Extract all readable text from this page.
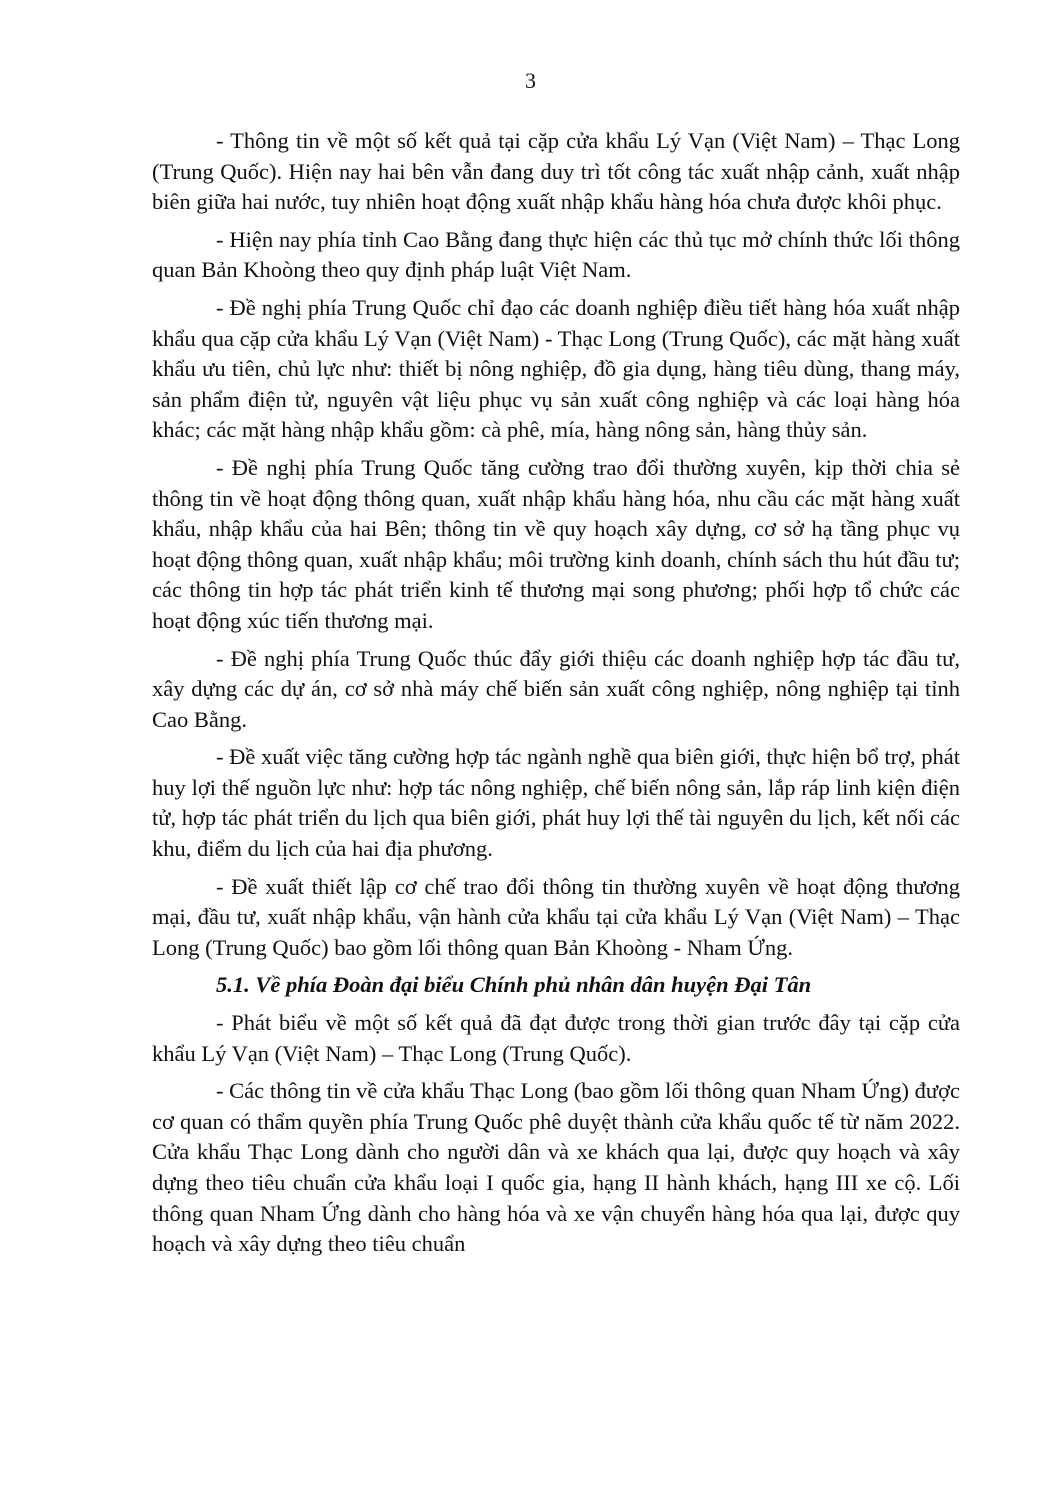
3

- Thông tin về một số kết quả tại cặp cửa khẩu Lý Vạn (Việt Nam) – Thạc Long (Trung Quốc). Hiện nay hai bên vẫn đang duy trì tốt công tác xuất nhập cảnh, xuất nhập biên giữa hai nước, tuy nhiên hoạt động xuất nhập khẩu hàng hóa chưa được khôi phục.

- Hiện nay phía tỉnh Cao Bằng đang thực hiện các thủ tục mở chính thức lối thông quan Bản Khoòng theo quy định pháp luật Việt Nam.

- Đề nghị phía Trung Quốc chỉ đạo các doanh nghiệp điều tiết hàng hóa xuất nhập khẩu qua cặp cửa khẩu Lý Vạn (Việt Nam) - Thạc Long (Trung Quốc), các mặt hàng xuất khẩu ưu tiên, chủ lực như: thiết bị nông nghiệp, đồ gia dụng, hàng tiêu dùng, thang máy, sản phẩm điện tử, nguyên vật liệu phục vụ sản xuất công nghiệp và các loại hàng hóa khác; các mặt hàng nhập khẩu gồm: cà phê, mía, hàng nông sản, hàng thủy sản.

- Đề nghị phía Trung Quốc tăng cường trao đổi thường xuyên, kịp thời chia sẻ thông tin về hoạt động thông quan, xuất nhập khẩu hàng hóa, nhu cầu các mặt hàng xuất khẩu, nhập khẩu của hai Bên; thông tin về quy hoạch xây dựng, cơ sở hạ tầng phục vụ hoạt động thông quan, xuất nhập khẩu; môi trường kinh doanh, chính sách thu hút đầu tư; các thông tin hợp tác phát triển kinh tế thương mại song phương; phối hợp tổ chức các hoạt động xúc tiến thương mại.

- Đề nghị phía Trung Quốc thúc đẩy giới thiệu các doanh nghiệp hợp tác đầu tư, xây dựng các dự án, cơ sở nhà máy chế biến sản xuất công nghiệp, nông nghiệp tại tỉnh Cao Bằng.

- Đề xuất việc tăng cường hợp tác ngành nghề qua biên giới, thực hiện bổ trợ, phát huy lợi thế nguồn lực như: hợp tác nông nghiệp, chế biến nông sản, lắp ráp linh kiện điện tử, hợp tác phát triển du lịch qua biên giới, phát huy lợi thế tài nguyên du lịch, kết nối các khu, điểm du lịch của hai địa phương.

- Đề xuất thiết lập cơ chế trao đổi thông tin thường xuyên về hoạt động thương mại, đầu tư, xuất nhập khẩu, vận hành cửa khẩu tại cửa khẩu Lý Vạn (Việt Nam) – Thạc Long (Trung Quốc) bao gồm lối thông quan Bản Khoòng - Nham Ứng.

5.1. Về phía Đoàn đại biểu Chính phủ nhân dân huyện Đại Tân

- Phát biểu về một số kết quả đã đạt được trong thời gian trước đây tại cặp cửa khẩu Lý Vạn (Việt Nam) – Thạc Long (Trung Quốc).

- Các thông tin về cửa khẩu Thạc Long (bao gồm lối thông quan Nham Ứng) được cơ quan có thẩm quyền phía Trung Quốc phê duyệt thành cửa khẩu quốc tế từ năm 2022. Cửa khẩu Thạc Long dành cho người dân và xe khách qua lại, được quy hoạch và xây dựng theo tiêu chuẩn cửa khẩu loại I quốc gia, hạng II hành khách, hạng III xe cộ. Lối thông quan Nham Ứng dành cho hàng hóa và xe vận chuyển hàng hóa qua lại, được quy hoạch và xây dựng theo tiêu chuẩn
